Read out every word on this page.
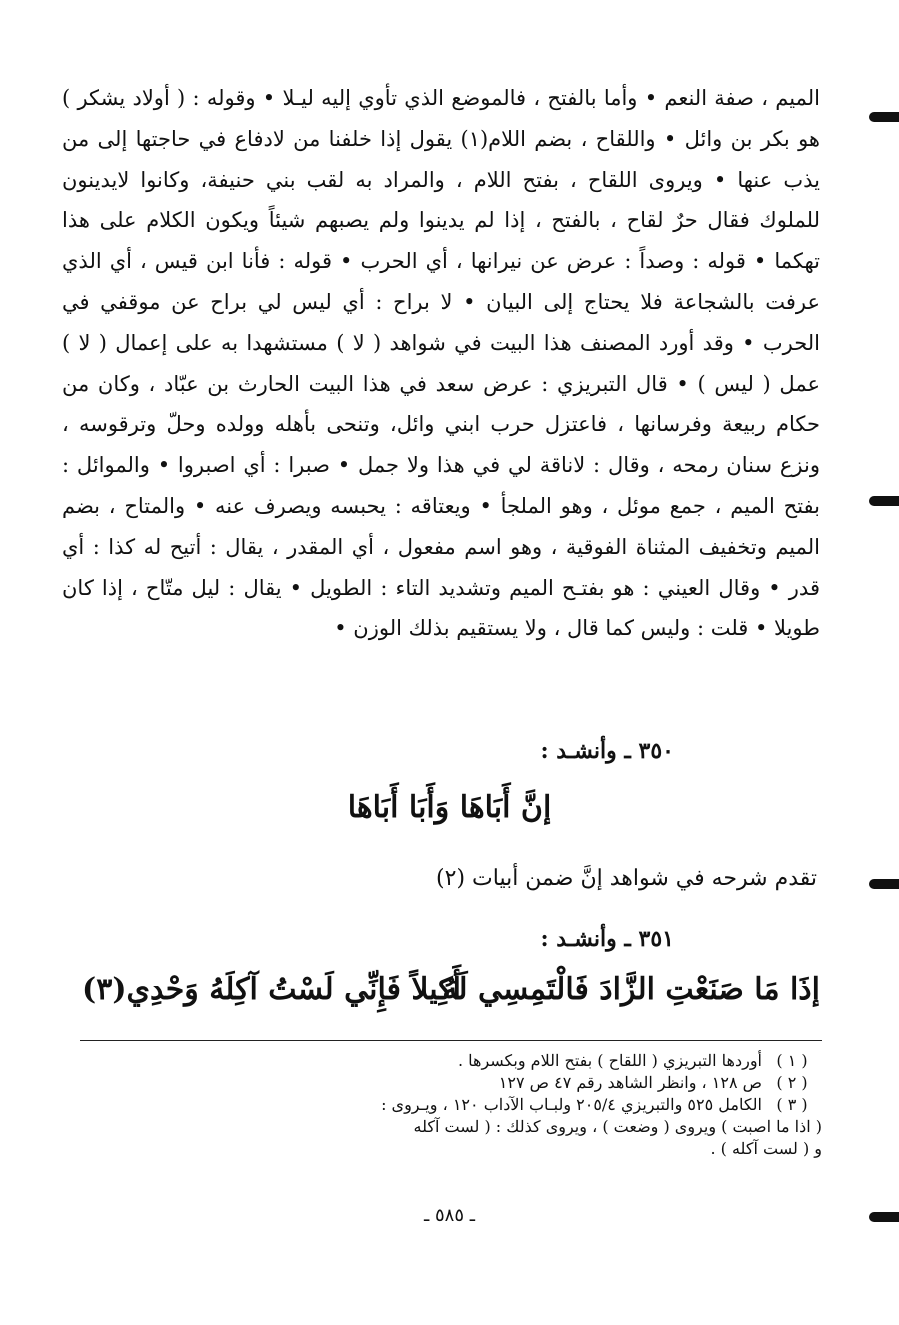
الميم ، صفة النعم • وأما بالفتح ، فالموضع الذي تأوي إليه ليـلا • وقوله : ( أولاد يشكر ) هو بكر بن وائل • واللقاح ، بضم اللام(١) يقول إذا خلفنا من لادفاع في حاجتها إلى من يذب عنها • ويروى اللقاح ، بفتح اللام ، والمراد به لقب بني حنيفة، وكانوا لايدينون للملوك فقال حرٌ لقاح ، بالفتح ، إذا لم يدينوا ولم يصبهم شيئاً ويكون الكلام على هذا تهكما • قوله : وصداً : عرض عن نيرانها ، أي الحرب • قوله : فأنا ابن قيس ، أي الذي عرفت بالشجاعة فلا يحتاج إلى البيان • لا براح : أي ليس لي براح عن موقفي في الحرب • وقد أورد المصنف هذا البيت في شواهد ( لا ) مستشهدا به على إعمال ( لا ) عمل ( ليس ) • قال التبريزي : عرض سعد في هذا البيت الحارث بن عبّاد ، وكان من حكام ربيعة وفرسانها ، فاعتزل حرب ابني وائل، وتنحى بأهله وولده وحلّ وترقوسه ، ونزع سنان رمحه ، وقال : لاناقة لي في هذا ولا جمل • صبرا : أي اصبروا • والموائل : بفتح الميم ، جمع موئل ، وهو الملجأ • ويعتاقه : يحبسه ويصرف عنه • والمتاح ، بضم الميم وتخفيف المثناة الفوقية ، وهو اسم مفعول ، أي المقدر ، يقال : أتيح له كذا : أي قدر • وقال العيني : هو بفتـح الميم وتشديد التاء : الطويل • يقال : ليل متّاح ، إذا كان طويلا • قلت : وليس كما قال ، ولا يستقيم بذلك الوزن •

٣٥٠ ـ وأنشـد :
إنَّ أَبَاهَا وَأَبَا أَبَاهَا
تقدم شرحه في شواهد إنَّ ضمن أبيات (٢)
٣٥١ ـ وأنشـد :
إذَا مَا صَنَعْتِ الزَّادَ فَالْتَمِسِي لَهُ
أَكِيلاً فَإِنِّي لَسْتُ آكِلَهُ وَحْدِي(٣)
( ١ )
أوردها التبريزي ( اللقاح ) بفتح اللام وبكسرها .
( ٢ )
ص ١٢٨ ، وانظر الشاهد رقم ٤٧ ص ١٢٧
( ٣ )
الكامل ٥٢٥ والتبريزي ٢٠٥/٤ ولبـاب الآداب ١٢٠ ، ويـروى :
( اذا ما اصبت ) ويروى ( وضعت ) ، ويروى كذلك : ( لست آكله
و ( لست آكله ) .
ـ ٥٨٥ ـ
